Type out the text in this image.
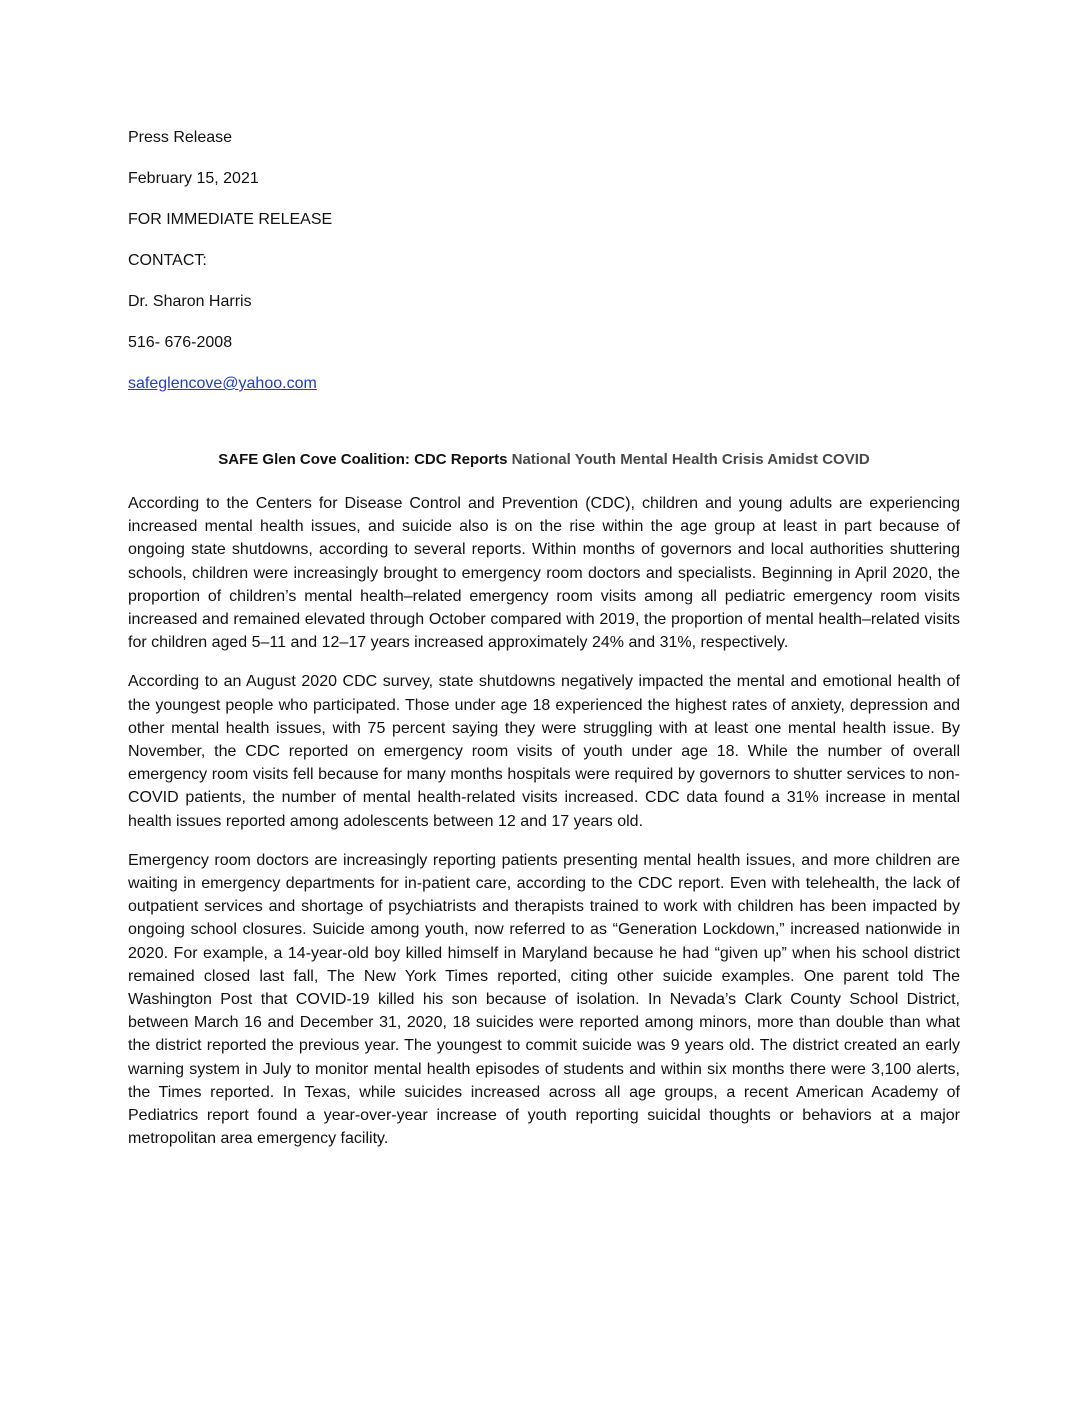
Press Release
February 15, 2021
FOR IMMEDIATE RELEASE
CONTACT:
Dr. Sharon Harris
516- 676-2008
safeglencove@yahoo.com
SAFE Glen Cove Coalition: CDC Reports National Youth Mental Health Crisis Amidst COVID

According to the Centers for Disease Control and Prevention (CDC), children and young adults are experiencing increased mental health issues, and suicide also is on the rise within the age group at least in part because of ongoing state shutdowns, according to several reports. Within months of governors and local authorities shuttering schools, children were increasingly brought to emergency room doctors and specialists. Beginning in April 2020, the proportion of children’s mental health–related emergency room visits among all pediatric emergency room visits increased and remained elevated through October compared with 2019, the proportion of mental health–related visits for children aged 5–11 and 12–17 years increased approximately 24% and 31%, respectively.

According to an August 2020 CDC survey, state shutdowns negatively impacted the mental and emotional health of the youngest people who participated. Those under age 18 experienced the highest rates of anxiety, depression and other mental health issues, with 75 percent saying they were struggling with at least one mental health issue. By November, the CDC reported on emergency room visits of youth under age 18. While the number of overall emergency room visits fell because for many months hospitals were required by governors to shutter services to non-COVID patients, the number of mental health-related visits increased. CDC data found a 31% increase in mental health issues reported among adolescents between 12 and 17 years old.

Emergency room doctors are increasingly reporting patients presenting mental health issues, and more children are waiting in emergency departments for in-patient care, according to the CDC report. Even with telehealth, the lack of outpatient services and shortage of psychiatrists and therapists trained to work with children has been impacted by ongoing school closures. Suicide among youth, now referred to as “Generation Lockdown,” increased nationwide in 2020. For example, a 14-year-old boy killed himself in Maryland because he had “given up” when his school district remained closed last fall, The New York Times reported, citing other suicide examples. One parent told The Washington Post that COVID-19 killed his son because of isolation. In Nevada’s Clark County School District, between March 16 and December 31, 2020, 18 suicides were reported among minors, more than double than what the district reported the previous year. The youngest to commit suicide was 9 years old. The district created an early warning system in July to monitor mental health episodes of students and within six months there were 3,100 alerts, the Times reported. In Texas, while suicides increased across all age groups, a recent American Academy of Pediatrics report found a year-over-year increase of youth reporting suicidal thoughts or behaviors at a major metropolitan area emergency facility.
